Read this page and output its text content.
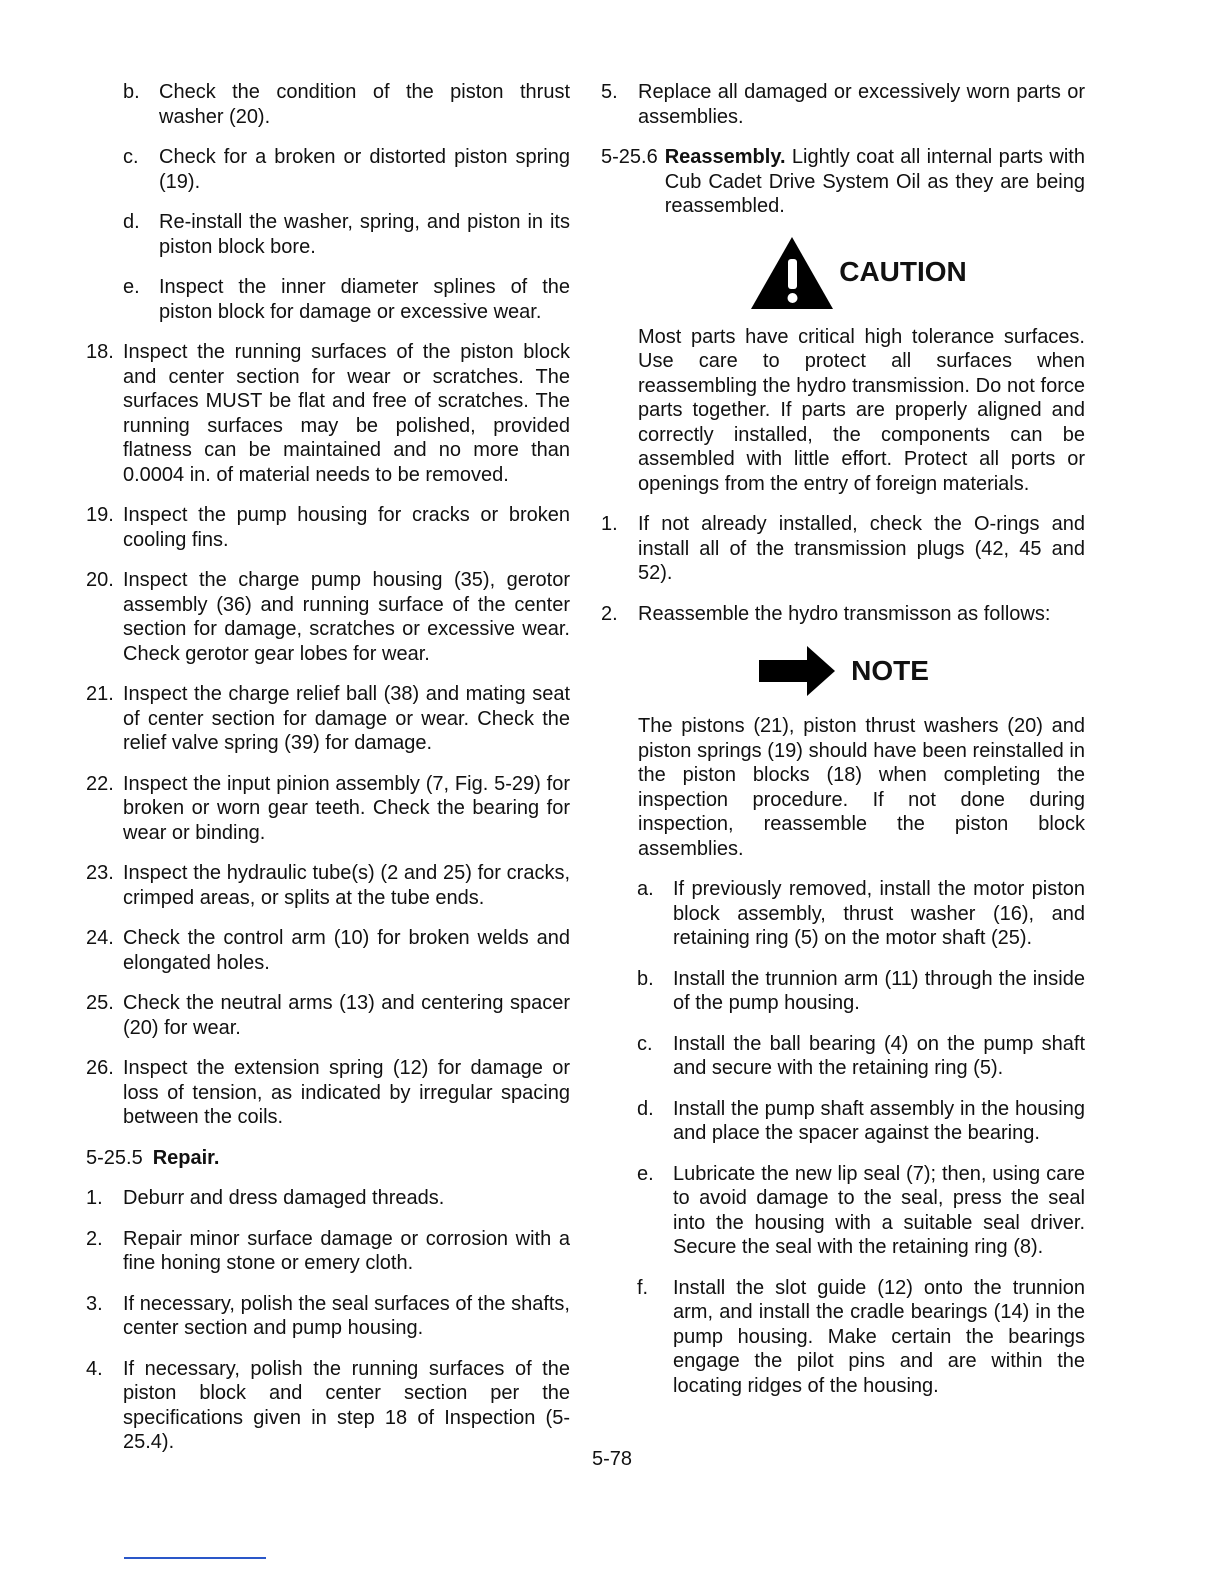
b. Check the condition of the piston thrust washer (20).
c.	Check for a broken or distorted piston spring (19).
d. Re-install the washer, spring, and piston in its piston block bore.
e. Inspect the inner diameter splines of the piston block for damage or excessive wear.
18. Inspect the running surfaces of the piston block and center section for wear or scratches. The surfaces MUST be flat and free of scratches. The running surfaces may be polished, provided flatness can be maintained and no more than 0.0004 in. of material needs to be removed.
19. Inspect the pump housing for cracks or broken cooling fins.
20. Inspect the charge pump housing (35), gerotor assembly (36) and running surface of the center section for damage, scratches or excessive wear. Check gerotor gear lobes for wear.
21. Inspect the charge relief ball (38) and mating seat of center section for damage or wear. Check the relief valve spring (39) for damage.
22. Inspect the input pinion assembly (7, Fig. 5-29) for broken or worn gear teeth. Check the bearing for wear or binding.
23. Inspect the hydraulic tube(s) (2 and 25) for cracks, crimped areas, or splits at the tube ends.
24. Check the control arm (10) for broken welds and elongated holes.
25. Check the neutral arms (13) and centering spacer (20) for wear.
26. Inspect the extension spring (12) for damage or loss of tension, as indicated by irregular spacing between the coils.
5-25.5 Repair.
1.	Deburr and dress damaged threads.
2.	Repair minor surface damage or corrosion with a fine honing stone or emery cloth.
3.	If necessary, polish the seal surfaces of the shafts, center section and pump housing.
4.	If necessary, polish the running surfaces of the piston block and center section per the specifications given in step 18 of Inspection (5-25.4).
5.	Replace all damaged or excessively worn parts or assemblies.
5-25.6 Reassembly. Lightly coat all internal parts with Cub Cadet Drive System Oil as they are being reassembled.
CAUTION
Most parts have critical high tolerance surfaces. Use care to protect all surfaces when reassembling the hydro transmission. Do not force parts together. If parts are properly aligned and correctly installed, the components can be assembled with little effort. Protect all ports or openings from the entry of foreign materials.
1.	If not already installed, check the O-rings and install all of the transmission plugs (42, 45 and 52).
2.	Reassemble the hydro transmisson as follows:
NOTE
The pistons (21), piston thrust washers (20) and piston springs (19) should have been reinstalled in the piston blocks (18) when completing the inspection procedure. If not done during inspection, reassemble the piston block assemblies.
a. If previously removed, install the motor piston block assembly, thrust washer (16), and retaining ring (5) on the motor shaft (25).
b. Install the trunnion arm (11) through the inside of the pump housing.
c.	Install the ball bearing (4) on the pump shaft and secure with the retaining ring (5).
d. Install the pump shaft assembly in the housing and place the spacer against the bearing.
e. Lubricate the new lip seal (7); then, using care to avoid damage to the seal, press the seal into the housing with a suitable seal driver. Secure the seal with the retaining ring (8).
f.	Install the slot guide (12) onto the trunnion arm, and install the cradle bearings (14) in the pump housing. Make certain the bearings engage the pilot pins and are within the locating ridges of the housing.
5-78
